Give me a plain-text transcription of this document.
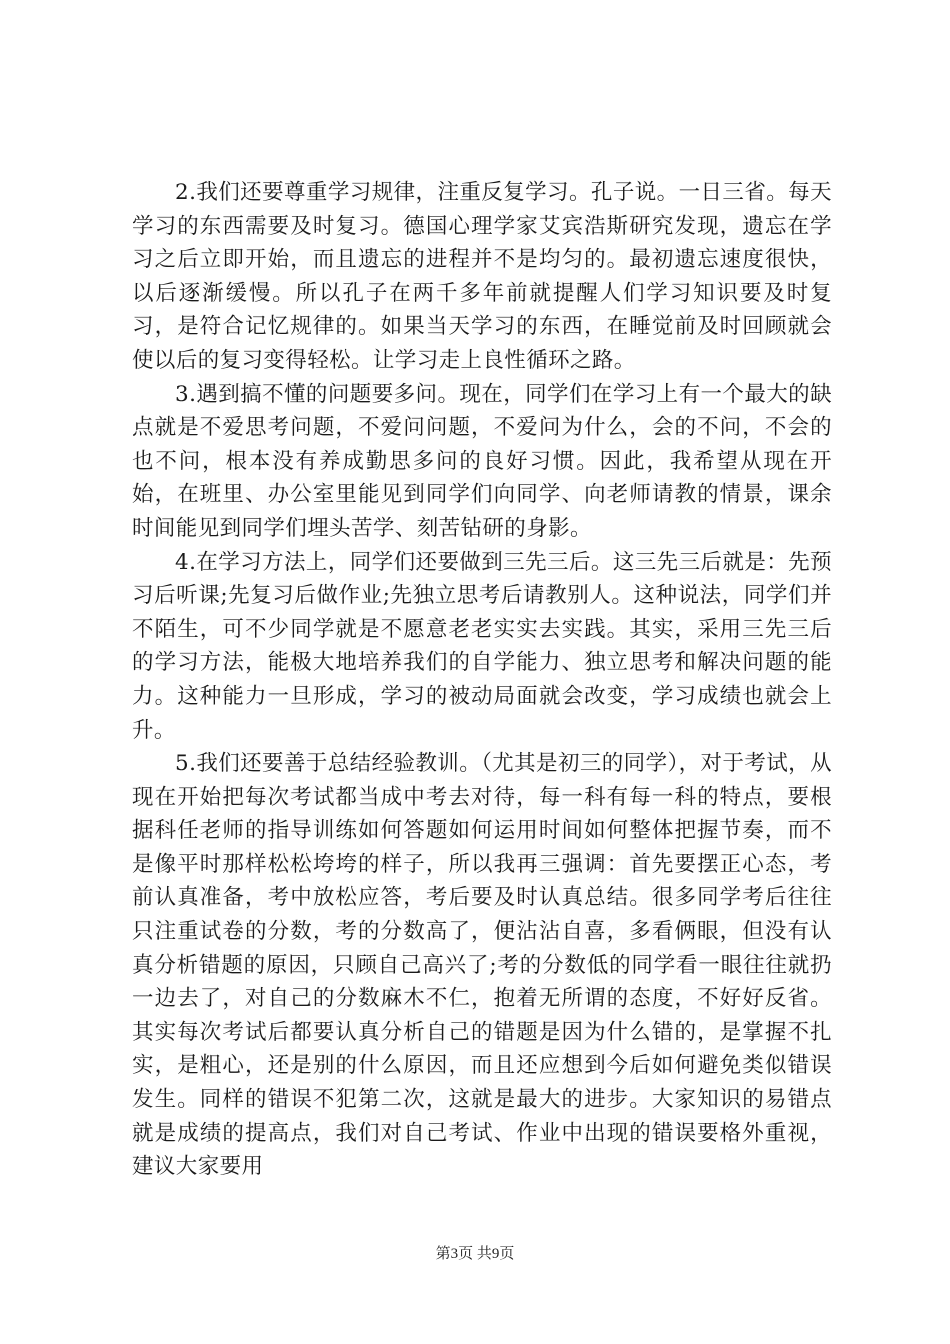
2.我们还要尊重学习规律，注重反复学习。孔子说。一日三省。每天学习的东西需要及时复习。德国心理学家艾宾浩斯研究发现，遗忘在学习之后立即开始，而且遗忘的进程并不是均匀的。最初遗忘速度很快，以后逐渐缓慢。所以孔子在两千多年前就提醒人们学习知识要及时复习，是符合记忆规律的。如果当天学习的东西，在睡觉前及时回顾就会使以后的复习变得轻松。让学习走上良性循环之路。

3.遇到搞不懂的问题要多问。现在，同学们在学习上有一个最大的缺点就是不爱思考问题，不爱问问题，不爱问为什么，会的不问，不会的也不问，根本没有养成勤思多问的良好习惯。因此，我希望从现在开始，在班里、办公室里能见到同学们向同学、向老师请教的情景，课余时间能见到同学们埋头苦学、刻苦钻研的身影。

4.在学习方法上，同学们还要做到三先三后。这三先三后就是：先预习后听课;先复习后做作业;先独立思考后请教别人。这种说法，同学们并不陌生，可不少同学就是不愿意老老实实去实践。其实，采用三先三后的学习方法，能极大地培养我们的自学能力、独立思考和解决问题的能力。这种能力一旦形成，学习的被动局面就会改变，学习成绩也就会上升。

5.我们还要善于总结经验教训。（尤其是初三的同学），对于考试，从现在开始把每次考试都当成中考去对待，每一科有每一科的特点，要根据科任老师的指导训练如何答题如何运用时间如何整体把握节奏，而不是像平时那样松松垮垮的样子，所以我再三强调：首先要摆正心态，考前认真准备，考中放松应答，考后要及时认真总结。很多同学考后往往只注重试卷的分数，考的分数高了，便沾沾自喜，多看俩眼，但没有认真分析错题的原因，只顾自己高兴了;考的分数低的同学看一眼往往就扔一边去了，对自己的分数麻木不仁，抱着无所谓的态度，不好好反省。其实每次考试后都要认真分析自己的错题是因为什么错的，是掌握不扎实，是粗心，还是别的什么原因，而且还应想到今后如何避免类似错误发生。同样的错误不犯第二次，这就是最大的进步。大家知识的易错点就是成绩的提高点，我们对自己考试、作业中出现的错误要格外重视，建议大家要用

第3页 共9页
